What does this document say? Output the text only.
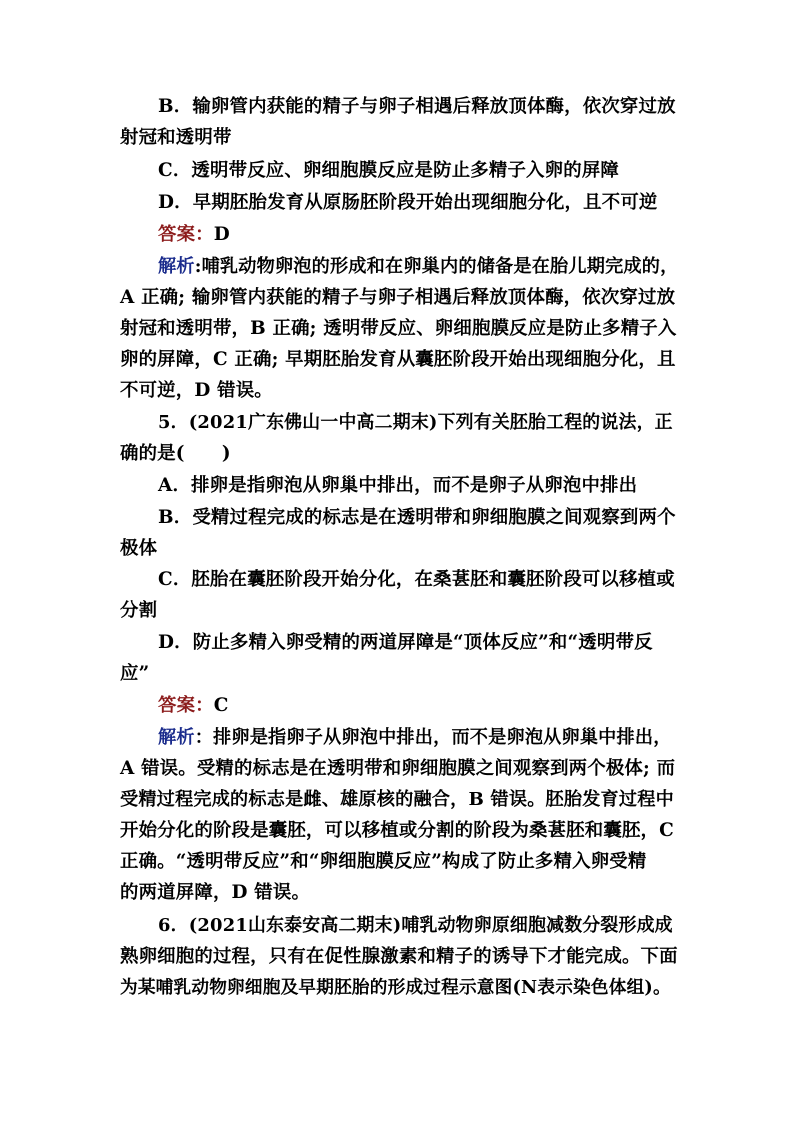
B．输卵管内获能的精子与卵子相遇后释放顶体酶，依次穿过放
射冠和透明带
C．透明带反应、卵细胞膜反应是防止多精子入卵的屏障
D．早期胚胎发育从原肠胚阶段开始出现细胞分化，且不可逆
答案：D
解析:哺乳动物卵泡的形成和在卵巢内的储备是在胎儿期完成的，
A 正确; 输卵管内获能的精子与卵子相遇后释放顶体酶，依次穿过放
射冠和透明带，B 正确; 透明带反应、卵细胞膜反应是防止多精子入
卵的屏障，C 正确; 早期胚胎发育从囊胚阶段开始出现细胞分化，且
不可逆，D 错误。
5．(2021广东佛山一中高二期末)下列有关胚胎工程的说法，正
确的是(　　)
A．排卵是指卵泡从卵巢中排出，而不是卵子从卵泡中排出
B．受精过程完成的标志是在透明带和卵细胞膜之间观察到两个
极体
C．胚胎在囊胚阶段开始分化，在桑葚胚和囊胚阶段可以移植或
分割
D．防止多精入卵受精的两道屏障是“顶体反应”和“透明带反
应”
答案：C
解析：排卵是指卵子从卵泡中排出，而不是卵泡从卵巢中排出，
A 错误。受精的标志是在透明带和卵细胞膜之间观察到两个极体; 而
受精过程完成的标志是雌、雄原核的融合，B 错误。胚胎发育过程中
开始分化的阶段是囊胚，可以移植或分割的阶段为桑葚胚和囊胚，C
正确。“透明带反应”和“卵细胞膜反应”构成了防止多精入卵受精
的两道屏障，D 错误。
6．(2021山东泰安高二期末)哺乳动物卵原细胞减数分裂形成成
熟卵细胞的过程，只有在促性腺激素和精子的诱导下才能完成。下面
为某哺乳动物卵细胞及早期胚胎的形成过程示意图(N表示染色体组)。
